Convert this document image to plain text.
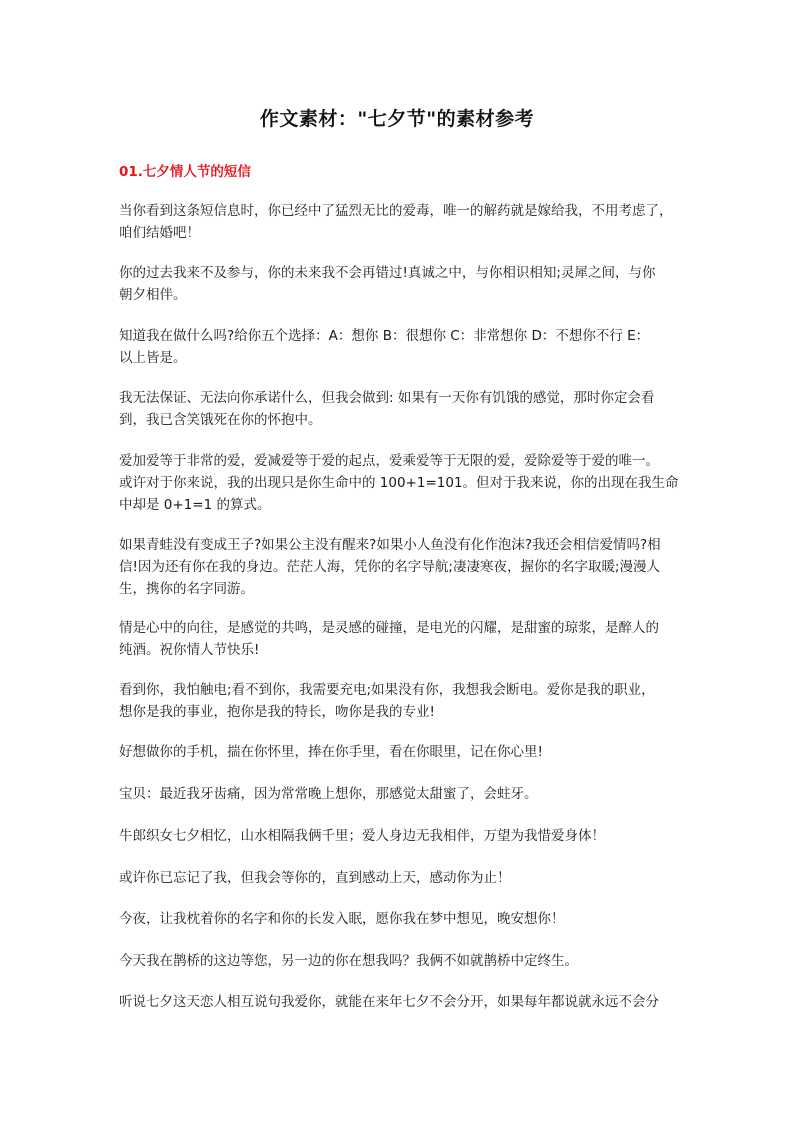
作文素材："七夕节"的素材参考
01.七夕情人节的短信
当你看到这条短信息时，你已经中了猛烈无比的爱毒，唯一的解药就是嫁给我，不用考虑了，
咱们结婚吧！
你的过去我来不及参与，你的未来我不会再错过!真诚之中，与你相识相知;灵犀之间，与你
朝夕相伴。
知道我在做什么吗?给你五个选择：A：想你 B：很想你 C：非常想你 D：不想你不行 E：
以上皆是。
我无法保证、无法向你承诺什么，但我会做到: 如果有一天你有饥饿的感觉，那时你定会看
到，我已含笑饿死在你的怀抱中。
爱加爱等于非常的爱，爱减爱等于爱的起点，爱乘爱等于无限的爱，爱除爱等于爱的唯一。
或许对于你来说，我的出现只是你生命中的 100+1=101。但对于我来说，你的出现在我生命
中却是 0+1=1 的算式。
如果青蛙没有变成王子?如果公主没有醒来?如果小人鱼没有化作泡沫?我还会相信爱情吗?相
信!因为还有你在我的身边。茫茫人海，凭你的名字导航;凄凄寒夜，握你的名字取暖;漫漫人
生，携你的名字同游。
情是心中的向往，是感觉的共鸣，是灵感的碰撞，是电光的闪耀，是甜蜜的琼浆，是醉人的
纯酒。祝你情人节快乐!
看到你，我怕触电;看不到你，我需要充电;如果没有你，我想我会断电。爱你是我的职业，
想你是我的事业，抱你是我的特长，吻你是我的专业!
好想做你的手机，揣在你怀里，捧在你手里，看在你眼里，记在你心里!
宝贝：最近我牙齿痛，因为常常晚上想你，那感觉太甜蜜了，会蛀牙。
牛郎织女七夕相忆，山水相隔我俩千里；爱人身边无我相伴，万望为我惜爱身体！
或许你已忘记了我，但我会等你的，直到感动上天，感动你为止！
今夜，让我枕着你的名字和你的长发入眠，愿你我在梦中想见，晚安想你！
今天我在鹊桥的这边等您，另一边的你在想我吗？我俩不如就鹊桥中定终生。
听说七夕这天恋人相互说句我爱你，就能在来年七夕不会分开，如果每年都说就永远不会分
